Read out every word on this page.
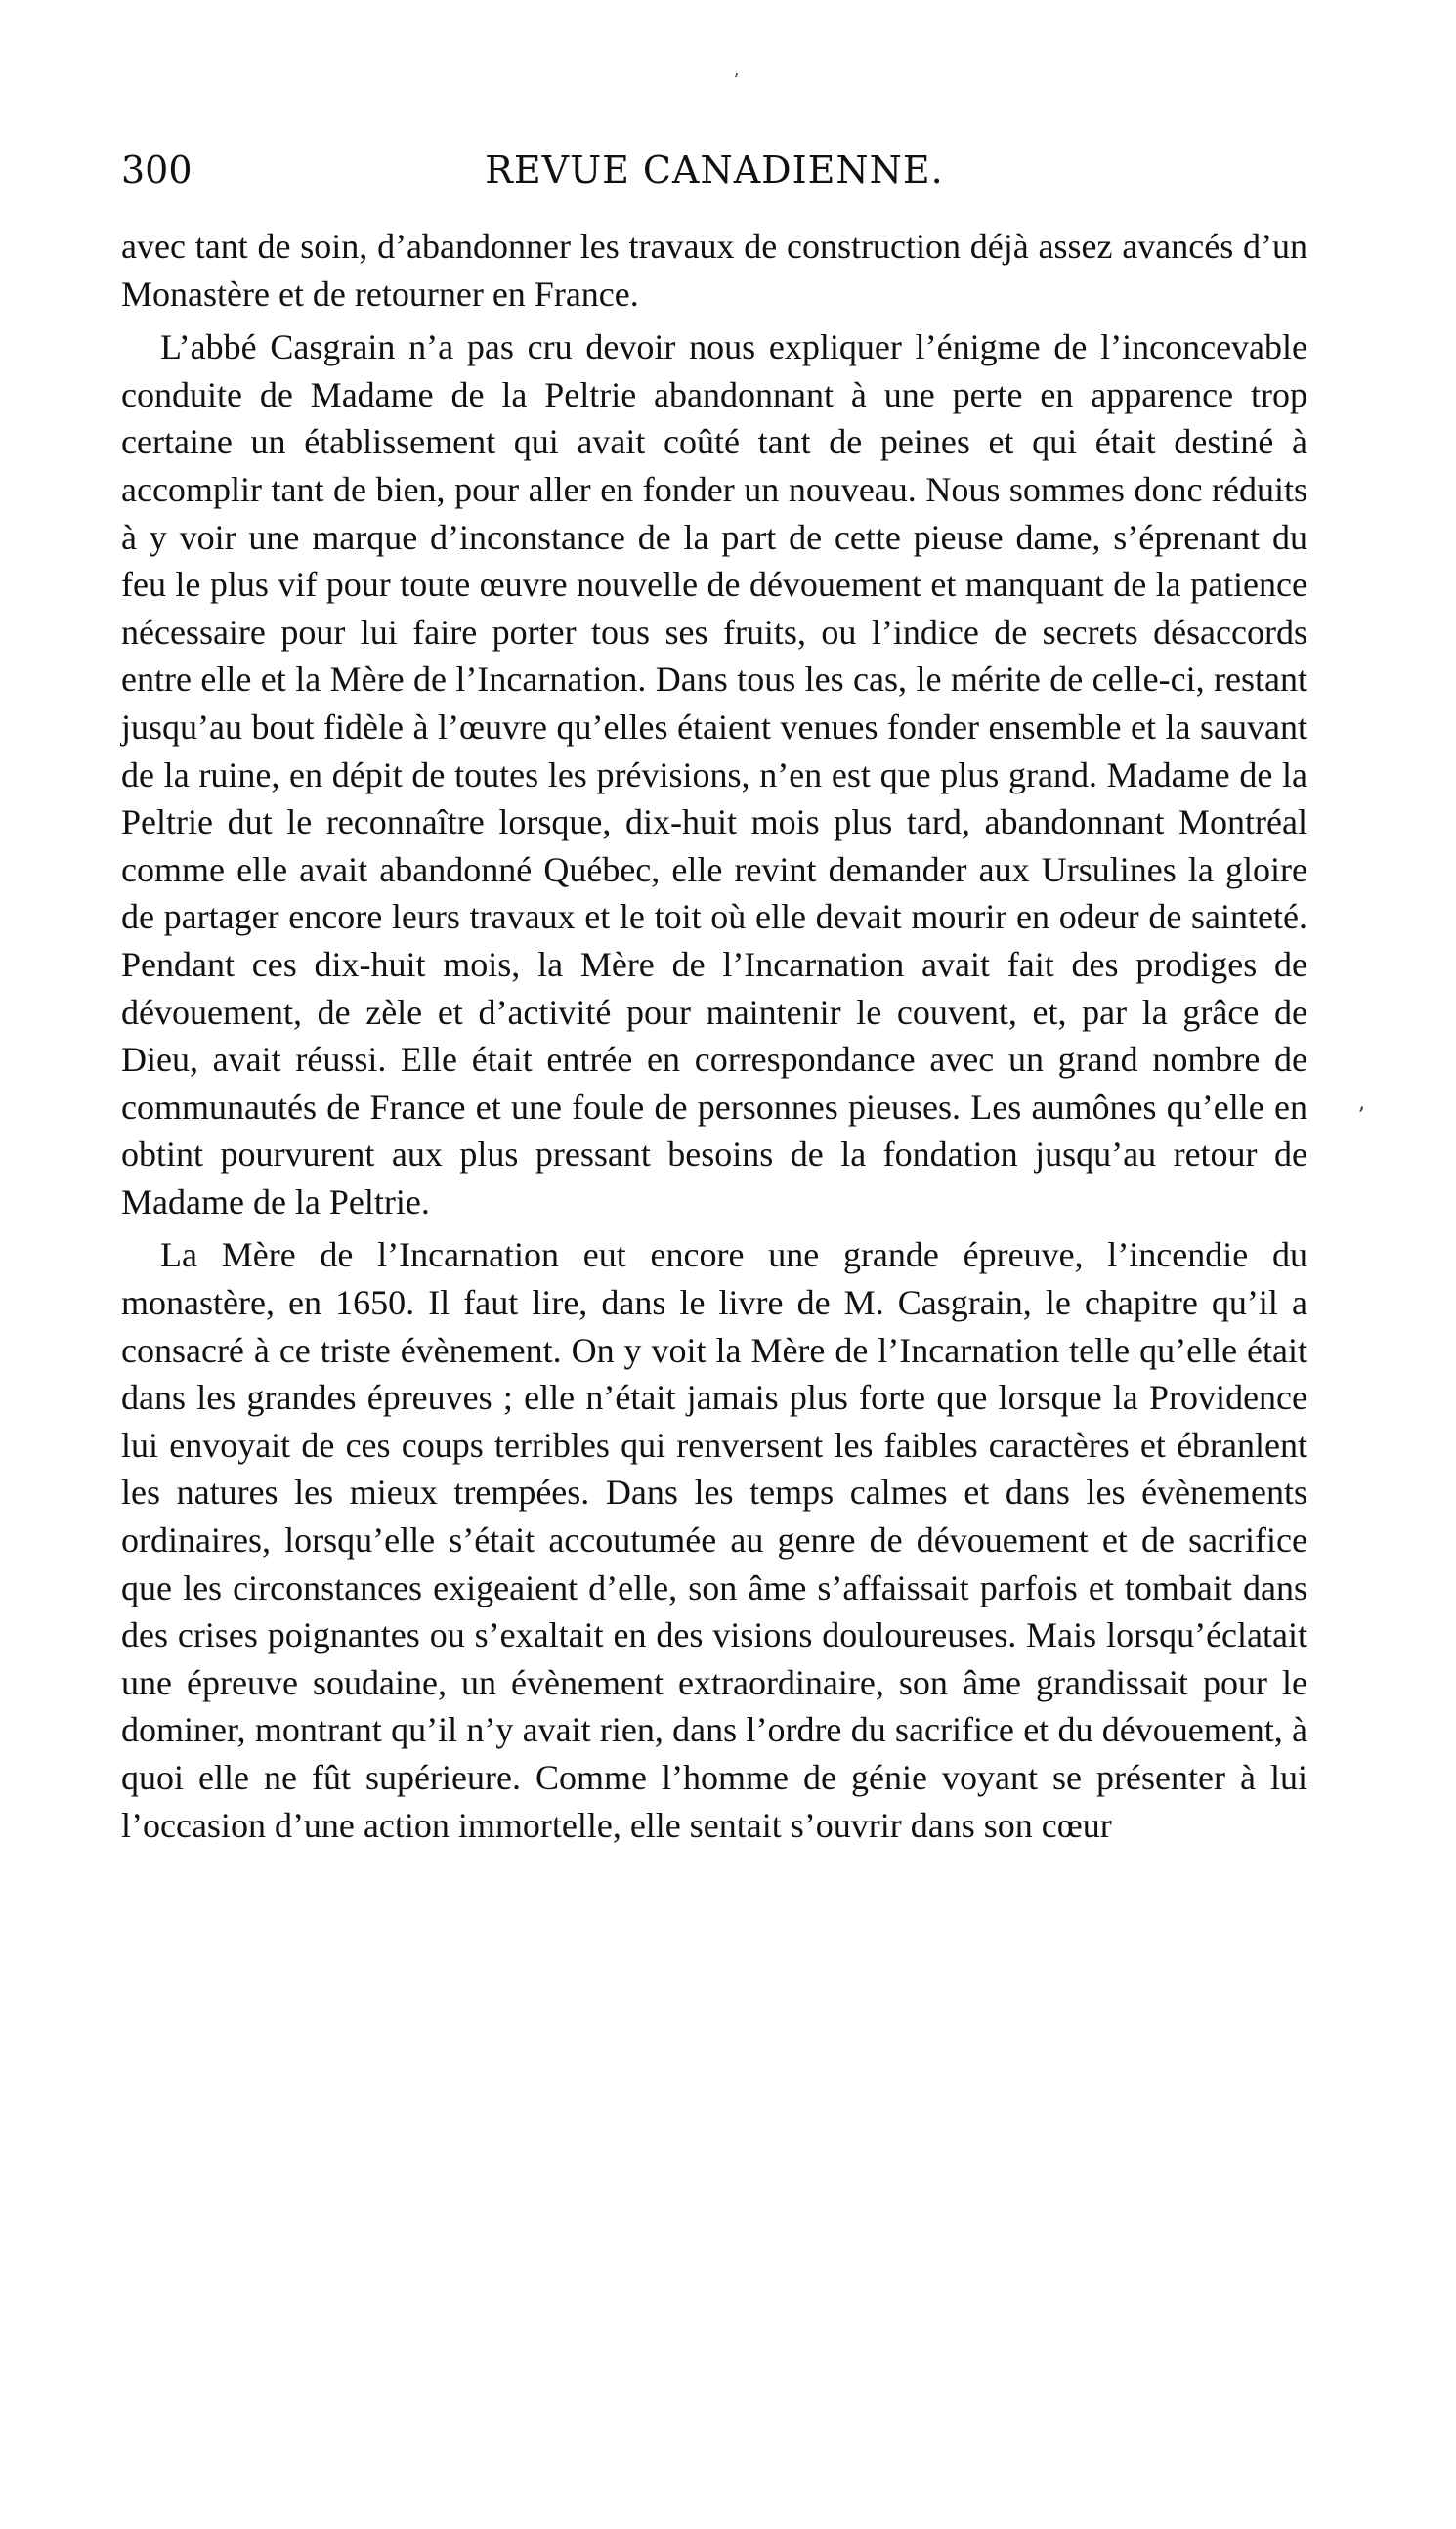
ʼ
300	REVUE CANADIENNE.

avec tant de soin, d’abandonner les travaux de construction déjà assez avancés d’un Monastère et de retourner en France.

L’abbé Casgrain n’a pas cru devoir nous expliquer l’énigme de l’inconcevable conduite de Madame de la Peltrie abandonnant à une perte en apparence trop certaine un établissement qui avait coûté tant de peines et qui était destiné à accomplir tant de bien, pour aller en fonder un nouveau. Nous sommes donc réduits à y voir une marque d’inconstance de la part de cette pieuse dame, s’éprenant du feu le plus vif pour toute œuvre nouvelle de dévouement et manquant de la patience nécessaire pour lui faire porter tous ses fruits, ou l’indice de secrets désaccords entre elle et la Mère de l’Incarnation. Dans tous les cas, le mérite de celle-ci, restant jusqu’au bout fidèle à l’œuvre qu’elles étaient venues fonder ensemble et la sauvant de la ruine, en dépit de toutes les prévisions, n’en est que plus grand. Madame de la Peltrie dut le reconnaître lorsque, dix-huit mois plus tard, abandonnant Montréal comme elle avait abandonné Québec, elle revint demander aux Ursulines la gloire de partager encore leurs travaux et le toit où elle devait mourir en odeur de sainteté. Pendant ces dix-huit mois, la Mère de l’Incarnation avait fait des prodiges de dévouement, de zèle et d’activité pour maintenir le couvent, et, par la grâce de Dieu, avait réussi. Elle était entrée en correspondance avec un grand nombre de communautés de France et une foule de personnes pieuses. Les aumônes qu’elle en obtint pourvurent aux plus pressant besoins de la fondation jusqu’au retour de Madame de la Peltrie.

La Mère de l’Incarnation eut encore une grande épreuve, l’incendie du monastère, en 1650. Il faut lire, dans le livre de M. Casgrain, le chapitre qu’il a consacré à ce triste évènement. On y voit la Mère de l’Incarnation telle qu’elle était dans les grandes épreuves ; elle n’était jamais plus forte que lorsque la Providence lui envoyait de ces coups terribles qui renversent les faibles caractères et ébranlent les natures les mieux trempées. Dans les temps calmes et dans les évènements ordinaires, lorsqu’elle s’était accoutumée au genre de dévouement et de sacrifice que les circonstances exigeaient d’elle, son âme s’affaissait parfois et tombait dans des crises poignantes ou s’exaltait en des visions douloureuses. Mais lorsqu’éclatait une épreuve soudaine, un évènement extraordinaire, son âme grandissait pour le dominer, montrant qu’il n’y avait rien, dans l’ordre du sacrifice et du dévouement, à quoi elle ne fût supérieure. Comme l’homme de génie voyant se présenter à lui l’occasion d’une action immortelle, elle sentait s’ouvrir dans son cœur

ʼ
